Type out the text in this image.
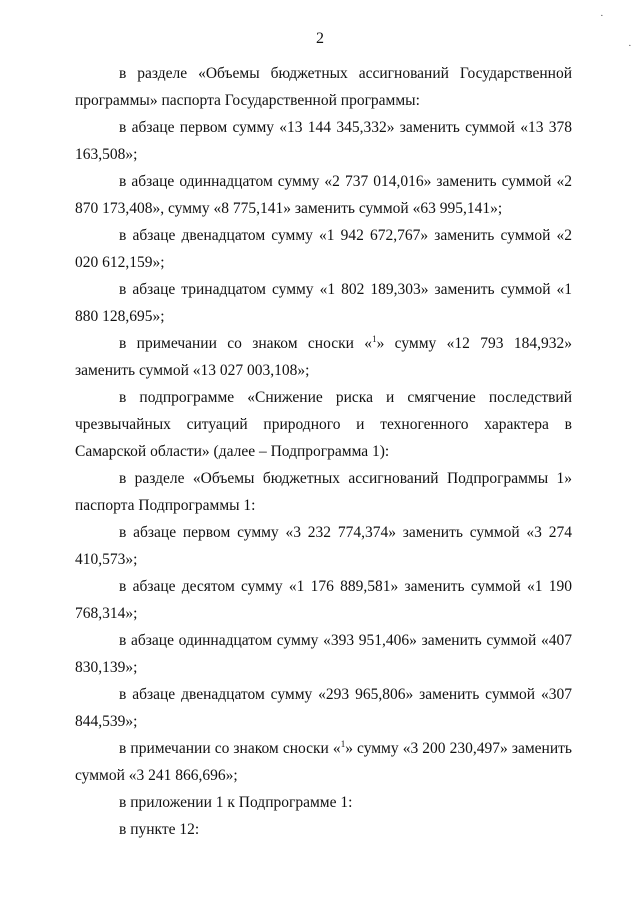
2

в разделе «Объемы бюджетных ассигнований Государственной программы» паспорта Государственной программы:

в абзаце первом сумму «13 144 345,332» заменить суммой «13 378 163,508»;

в абзаце одиннадцатом сумму «2 737 014,016» заменить суммой «2 870 173,408», сумму «8 775,141» заменить суммой «63 995,141»;

в абзаце двенадцатом сумму «1 942 672,767» заменить суммой «2 020 612,159»;

в абзаце тринадцатом сумму «1 802 189,303» заменить суммой «1 880 128,695»;

в примечании со знаком сноски «$^1$» сумму «12 793 184,932» заменить суммой «13 027 003,108»;

в подпрограмме «Снижение риска и смягчение последствий чрезвычайных ситуаций природного и техногенного характера в Самарской области» (далее – Подпрограмма 1):

в разделе «Объемы бюджетных ассигнований Подпрограммы 1» паспорта Подпрограммы 1:

в абзаце первом сумму «3 232 774,374» заменить суммой «3 274 410,573»;

в абзаце десятом сумму «1 176 889,581» заменить суммой «1 190 768,314»;

в абзаце одиннадцатом сумму «393 951,406» заменить суммой «407 830,139»;

в абзаце двенадцатом сумму «293 965,806» заменить суммой «307 844,539»;

в примечании со знаком сноски «$^1$» сумму «3 200 230,497» заменить суммой «3 241 866,696»;

в приложении 1 к Подпрограмме 1:

в пункте 12:

·
·
